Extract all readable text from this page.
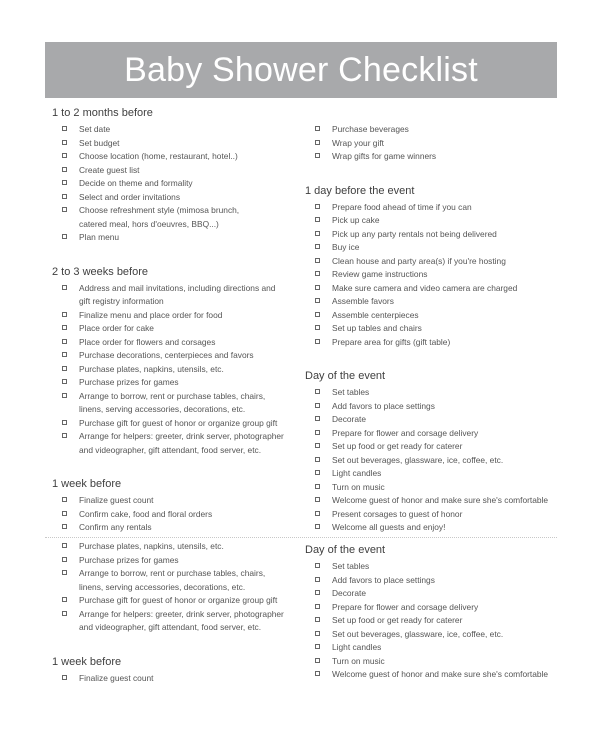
Baby Shower Checklist
1 to 2 months before
Set date
Set budget
Choose location (home, restaurant, hotel..)
Create guest list
Decide on theme and formality
Select and order invitations
Choose refreshment style (mimosa brunch,
catered meal, hors d'oeuvres, BBQ...)
Plan menu
2 to 3 weeks before
Address and mail invitations, including directions and
gift registry information
Finalize menu and place order for food
Place order for cake
Place order for flowers and corsages
Purchase decorations, centerpieces and favors
Purchase plates, napkins, utensils, etc.
Purchase prizes for games
Arrange to borrow, rent or purchase tables, chairs,
linens, serving accessories, decorations, etc.
Purchase gift for guest of honor or organize group gift
Arrange for helpers: greeter, drink server, photographer
and videographer, gift attendant, food server, etc.
1 week before
Finalize guest count
Confirm cake, food and floral orders
Confirm any rentals
Purchase beverages
Wrap your gift
Wrap gifts for game winners
1 day before the event
Prepare food ahead of time if you can
Pick up cake
Pick up any party rentals not being delivered
Buy ice
Clean house and party area(s) if you're hosting
Review game instructions
Make sure camera and video camera are charged
Assemble favors
Assemble centerpieces
Set up tables and chairs
Prepare area for gifts (gift table)
Day of the event
Set tables
Add favors to place settings
Decorate
Prepare for flower and corsage delivery
Set up food or get ready for caterer
Set out beverages, glassware, ice, coffee, etc.
Light candles
Turn on music
Welcome guest of honor and make sure she's comfortable
Present corsages to guest of honor
Welcome all guests and enjoy!
Purchase plates, napkins, utensils, etc.
Purchase prizes for games
Arrange to borrow, rent or purchase tables, chairs,
linens, serving accessories, decorations, etc.
Purchase gift for guest of honor or organize group gift
Arrange for helpers: greeter, drink server, photographer
and videographer, gift attendant, food server, etc.
1 week before
Finalize guest count
Day of the event
Set tables
Add favors to place settings
Decorate
Prepare for flower and corsage delivery
Set up food or get ready for caterer
Set out beverages, glassware, ice, coffee, etc.
Light candles
Turn on music
Welcome guest of honor and make sure she's comfortable
